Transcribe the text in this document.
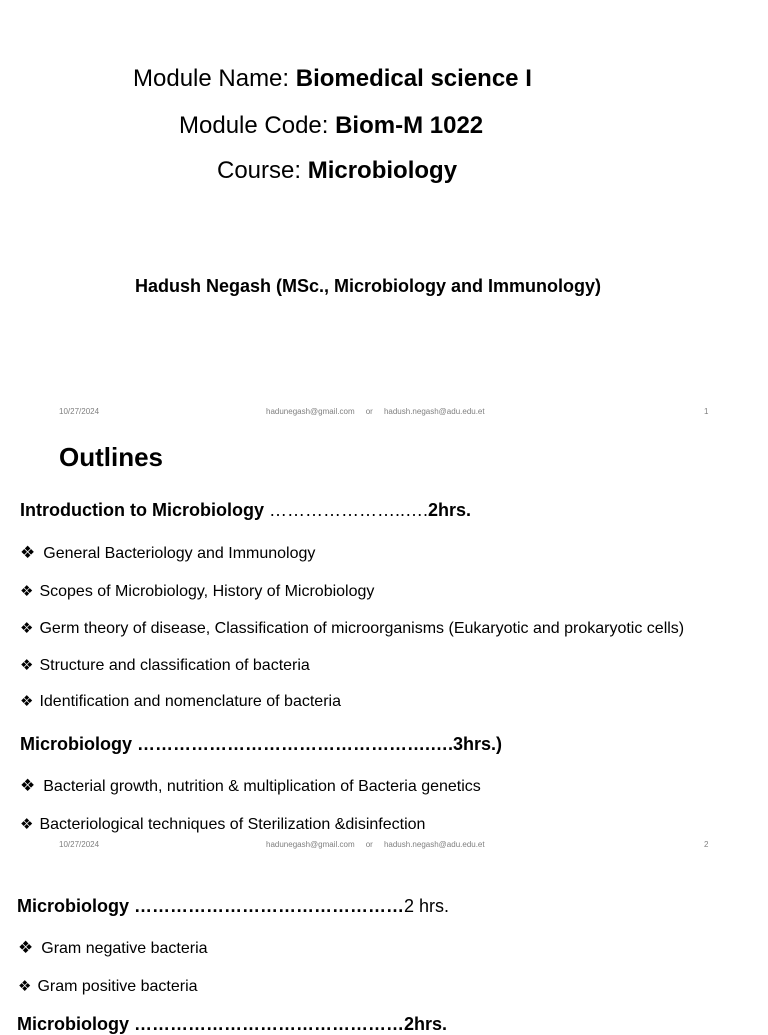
Module Name: Biomedical science I
Module Code: Biom-M 1022
Course: Microbiology
Hadush Negash (MSc., Microbiology and Immunology)
10/27/2024	hadunegash@gmail.com     or     hadush.negash@adu.edu.et	1
Outlines
Introduction to Microbiology …………………..….2hrs.
❖ General Bacteriology and Immunology
❖ Scopes of Microbiology, History of Microbiology
❖ Germ theory of disease, Classification of microorganisms (Eukaryotic and prokaryotic cells)
❖ Structure and classification of bacteria
❖ Identification and nomenclature of bacteria
Microbiology ………………………………………….….3hrs.)
❖ Bacterial growth, nutrition & multiplication of Bacteria genetics
❖ Bacteriological techniques of Sterilization &disinfection
10/27/2024	hadunegash@gmail.com     or     hadush.negash@adu.edu.et	2
Microbiology ………………………………………2 hrs.
❖ Gram negative bacteria
❖ Gram positive bacteria
Microbiology ………………………………………2hrs.
